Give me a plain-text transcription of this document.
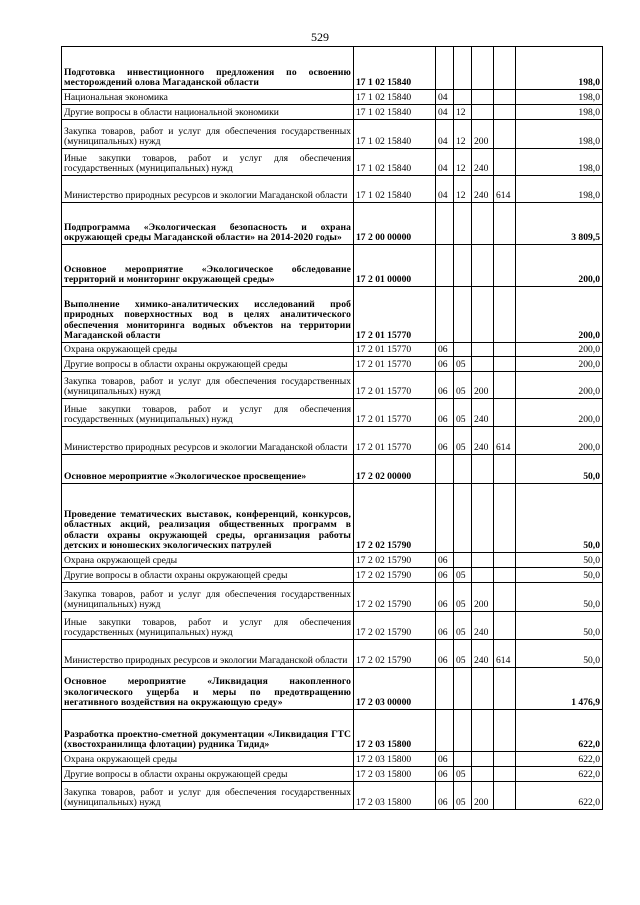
529
Подготовка инвестиционного предложения по освоению месторождений олова Магаданской области	17 1 02 15840					198,0
Национальная экономика	17 1 02 15840	04				198,0
Другие вопросы в области национальной экономики	17 1 02 15840	04	12			198,0
Закупка товаров, работ и услуг для обеспечения государственных (муниципальных) нужд	17 1 02 15840	04	12	200		198,0
Иные закупки товаров, работ и услуг для обеспечения государственных (муниципальных) нужд	17 1 02 15840	04	12	240		198,0
Министерство природных ресурсов и экологии Магаданской области	17 1 02 15840	04	12	240	614	198,0
Подпрограмма «Экологическая безопасность и охрана окружающей среды Магаданской области» на 2014-2020 годы»	17 2 00 00000					3 809,5
Основное мероприятие «Экологическое обследование территорий и мониторинг окружающей среды»	17 2 01 00000					200,0
Выполнение химико-аналитических исследований проб природных поверхностных вод в целях аналитического обеспечения мониторинга водных объектов на территории Магаданской области	17 2 01 15770					200,0
Охрана окружающей среды	17 2 01 15770	06				200,0
Другие вопросы в области охраны окружающей среды	17 2 01 15770	06	05			200,0
Закупка товаров, работ и услуг для обеспечения государственных (муниципальных) нужд	17 2 01 15770	06	05	200		200,0
Иные закупки товаров, работ и услуг для обеспечения государственных (муниципальных) нужд	17 2 01 15770	06	05	240		200,0
Министерство природных ресурсов и экологии Магаданской области	17 2 01 15770	06	05	240	614	200,0
Основное мероприятие «Экологическое просвещение»	17 2 02 00000					50,0
Проведение тематических выставок, конференций, конкурсов, областных акций, реализация общественных программ в области охраны окружающей среды, организация работы детских и юношеских экологических патрулей	17 2 02 15790					50,0
Охрана окружающей среды	17 2 02 15790	06				50,0
Другие вопросы в области охраны окружающей среды	17 2 02 15790	06	05			50,0
Закупка товаров, работ и услуг для обеспечения государственных (муниципальных) нужд	17 2 02 15790	06	05	200		50,0
Иные закупки товаров, работ и услуг для обеспечения государственных (муниципальных) нужд	17 2 02 15790	06	05	240		50,0
Министерство природных ресурсов и экологии Магаданской области	17 2 02 15790	06	05	240	614	50,0
Основное мероприятие «Ликвидация накопленного экологического ущерба и меры по предотвращению негативного воздействия на окружающую среду»	17 2 03 00000					1 476,9
Разработка проектно-сметной документации «Ликвидация ГТС (хвостохранилища флотации) рудника Тидид»	17 2 03 15800					622,0
Охрана окружающей среды	17 2 03 15800	06				622,0
Другие вопросы в области охраны окружающей среды	17 2 03 15800	06	05			622,0
Закупка товаров, работ и услуг для обеспечения государственных (муниципальных) нужд	17 2 03 15800	06	05	200		622,0
